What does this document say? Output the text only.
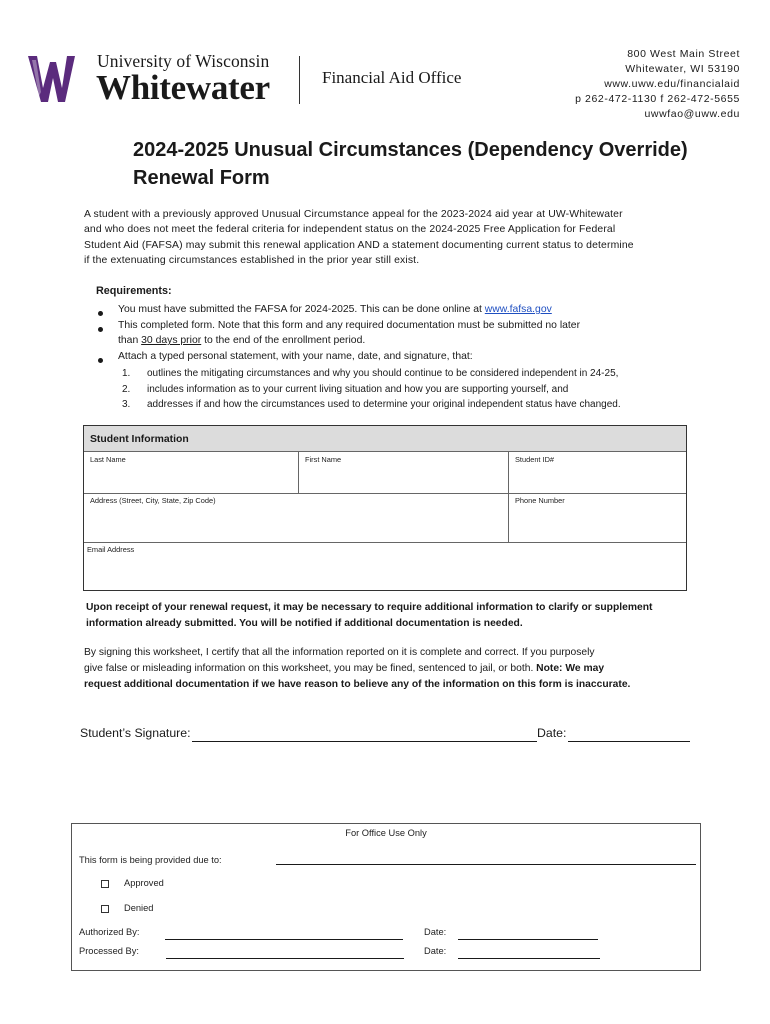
University of Wisconsin
Whitewater	Financial Aid Office
800 West Main Street
Whitewater, WI 53190
www.uww.edu/financialaid
p 262-472-1130 f 262-472-5655
uwwfao@uww.edu
2024-2025 Unusual Circumstances (Dependency Override)
Renewal Form
A student with a previously approved Unusual Circumstance appeal for the 2023-2024 aid year at UW-Whitewater
and who does not meet the federal criteria for independent status on the 2024-2025 Free Application for Federal
Student Aid (FAFSA) may submit this renewal application AND a statement documenting current status to determine
if the extenuating circumstances established in the prior year still exist.
Requirements:
You must have submitted the FAFSA for 2024-2025. This can be done online at www.fafsa.gov
This completed form. Note that this form and any required documentation must be submitted no later
than 30 days prior to the end of the enrollment period.
Attach a typed personal statement, with your name, date, and signature, that:
1. outlines the mitigating circumstances and why you should continue to be considered independent in 24-25,
2. includes information as to your current living situation and how you are supporting yourself, and
3. addresses if and how the circumstances used to determine your original independent status have changed.
Student Information
Last Name	First Name	Student ID#
Address (Street, City, State, Zip Code)	Phone Number
Email Address
Upon receipt of your renewal request, it may be necessary to require additional information to clarify or supplement
information already submitted. You will be notified if additional documentation is needed.
By signing this worksheet, I certify that all the information reported on it is complete and correct. If you purposely
give false or misleading information on this worksheet, you may be fined, sentenced to jail, or both. Note: We may
request additional documentation if we have reason to believe any of the information on this form is inaccurate.
Student’s Signature:	Date:
For Office Use Only
This form is being provided due to:
Approved
Denied
Authorized By:	Date:
Processed By:	Date:
